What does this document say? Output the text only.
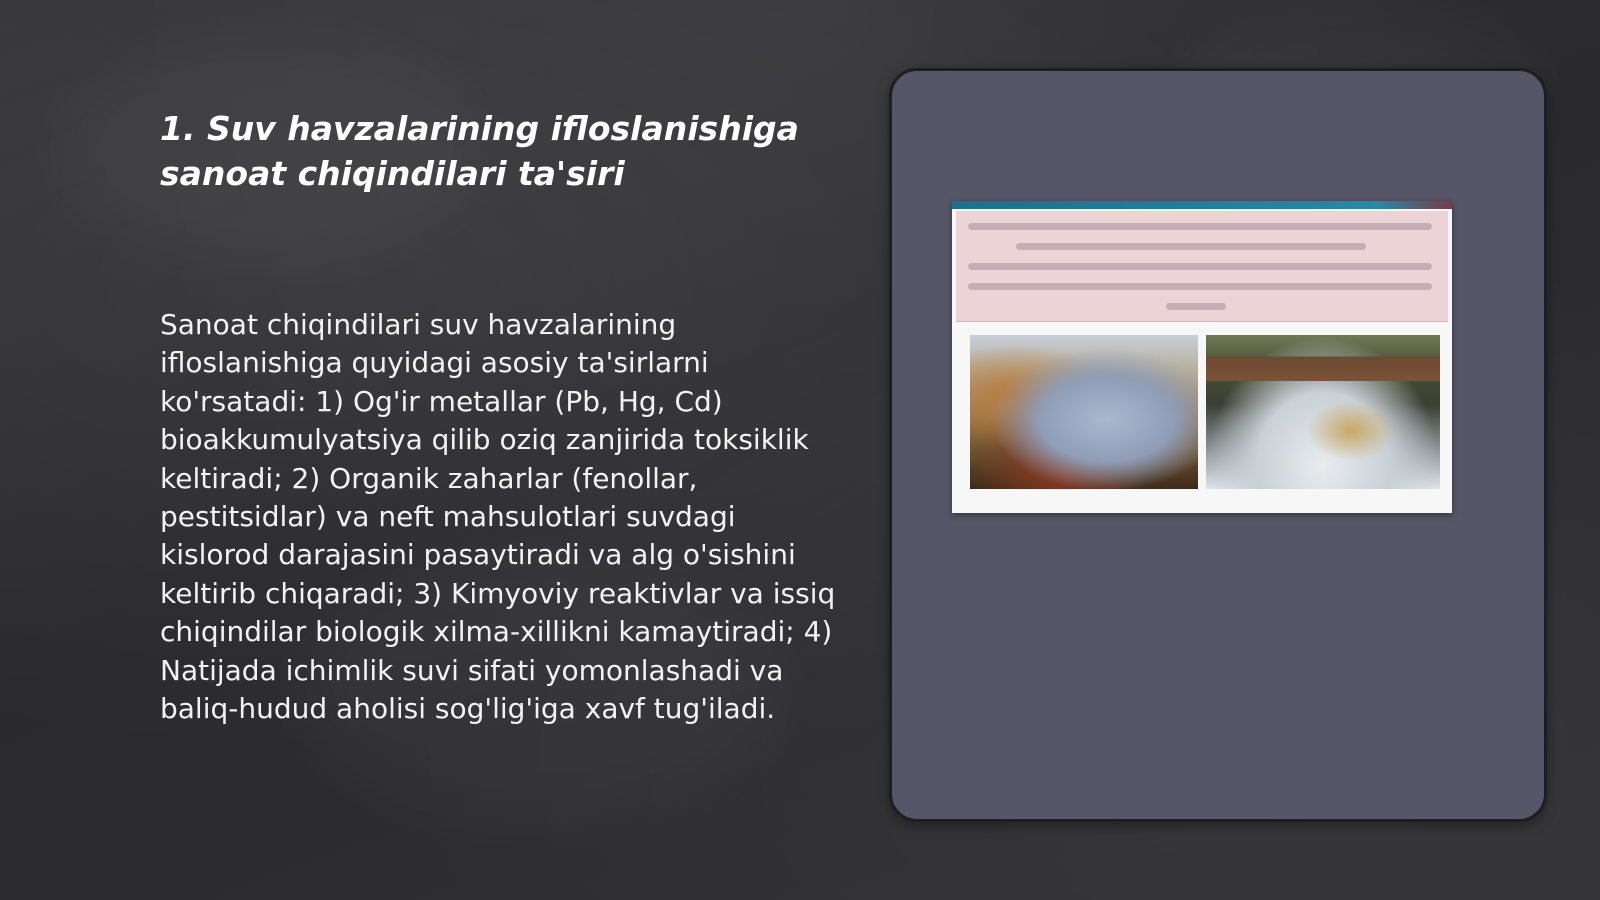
1. Suv havzalarining ifloslanishiga sanoat chiqindilari ta'siri

Sanoat chiqindilari suv havzalarining ifloslanishiga quyidagi asosiy ta'sirlarni ko'rsatadi: 1) Og'ir metallar (Pb, Hg, Cd) bioakkumulyatsiya qilib oziq zanjirida toksiklik keltiradi; 2) Organik zaharlar (fenollar, pestitsidlar) va neft mahsulotlari suvdagi kislorod darajasini pasaytiradi va alg o'sishini keltirib chiqaradi; 3) Kimyoviy reaktivlar va issiq chiqindilar biologik xilma-xillikni kamaytiradi; 4) Natijada ichimlik suvi sifati yomonlashadi va baliq-hudud aholisi sog'lig'iga xavf tug'iladi.
